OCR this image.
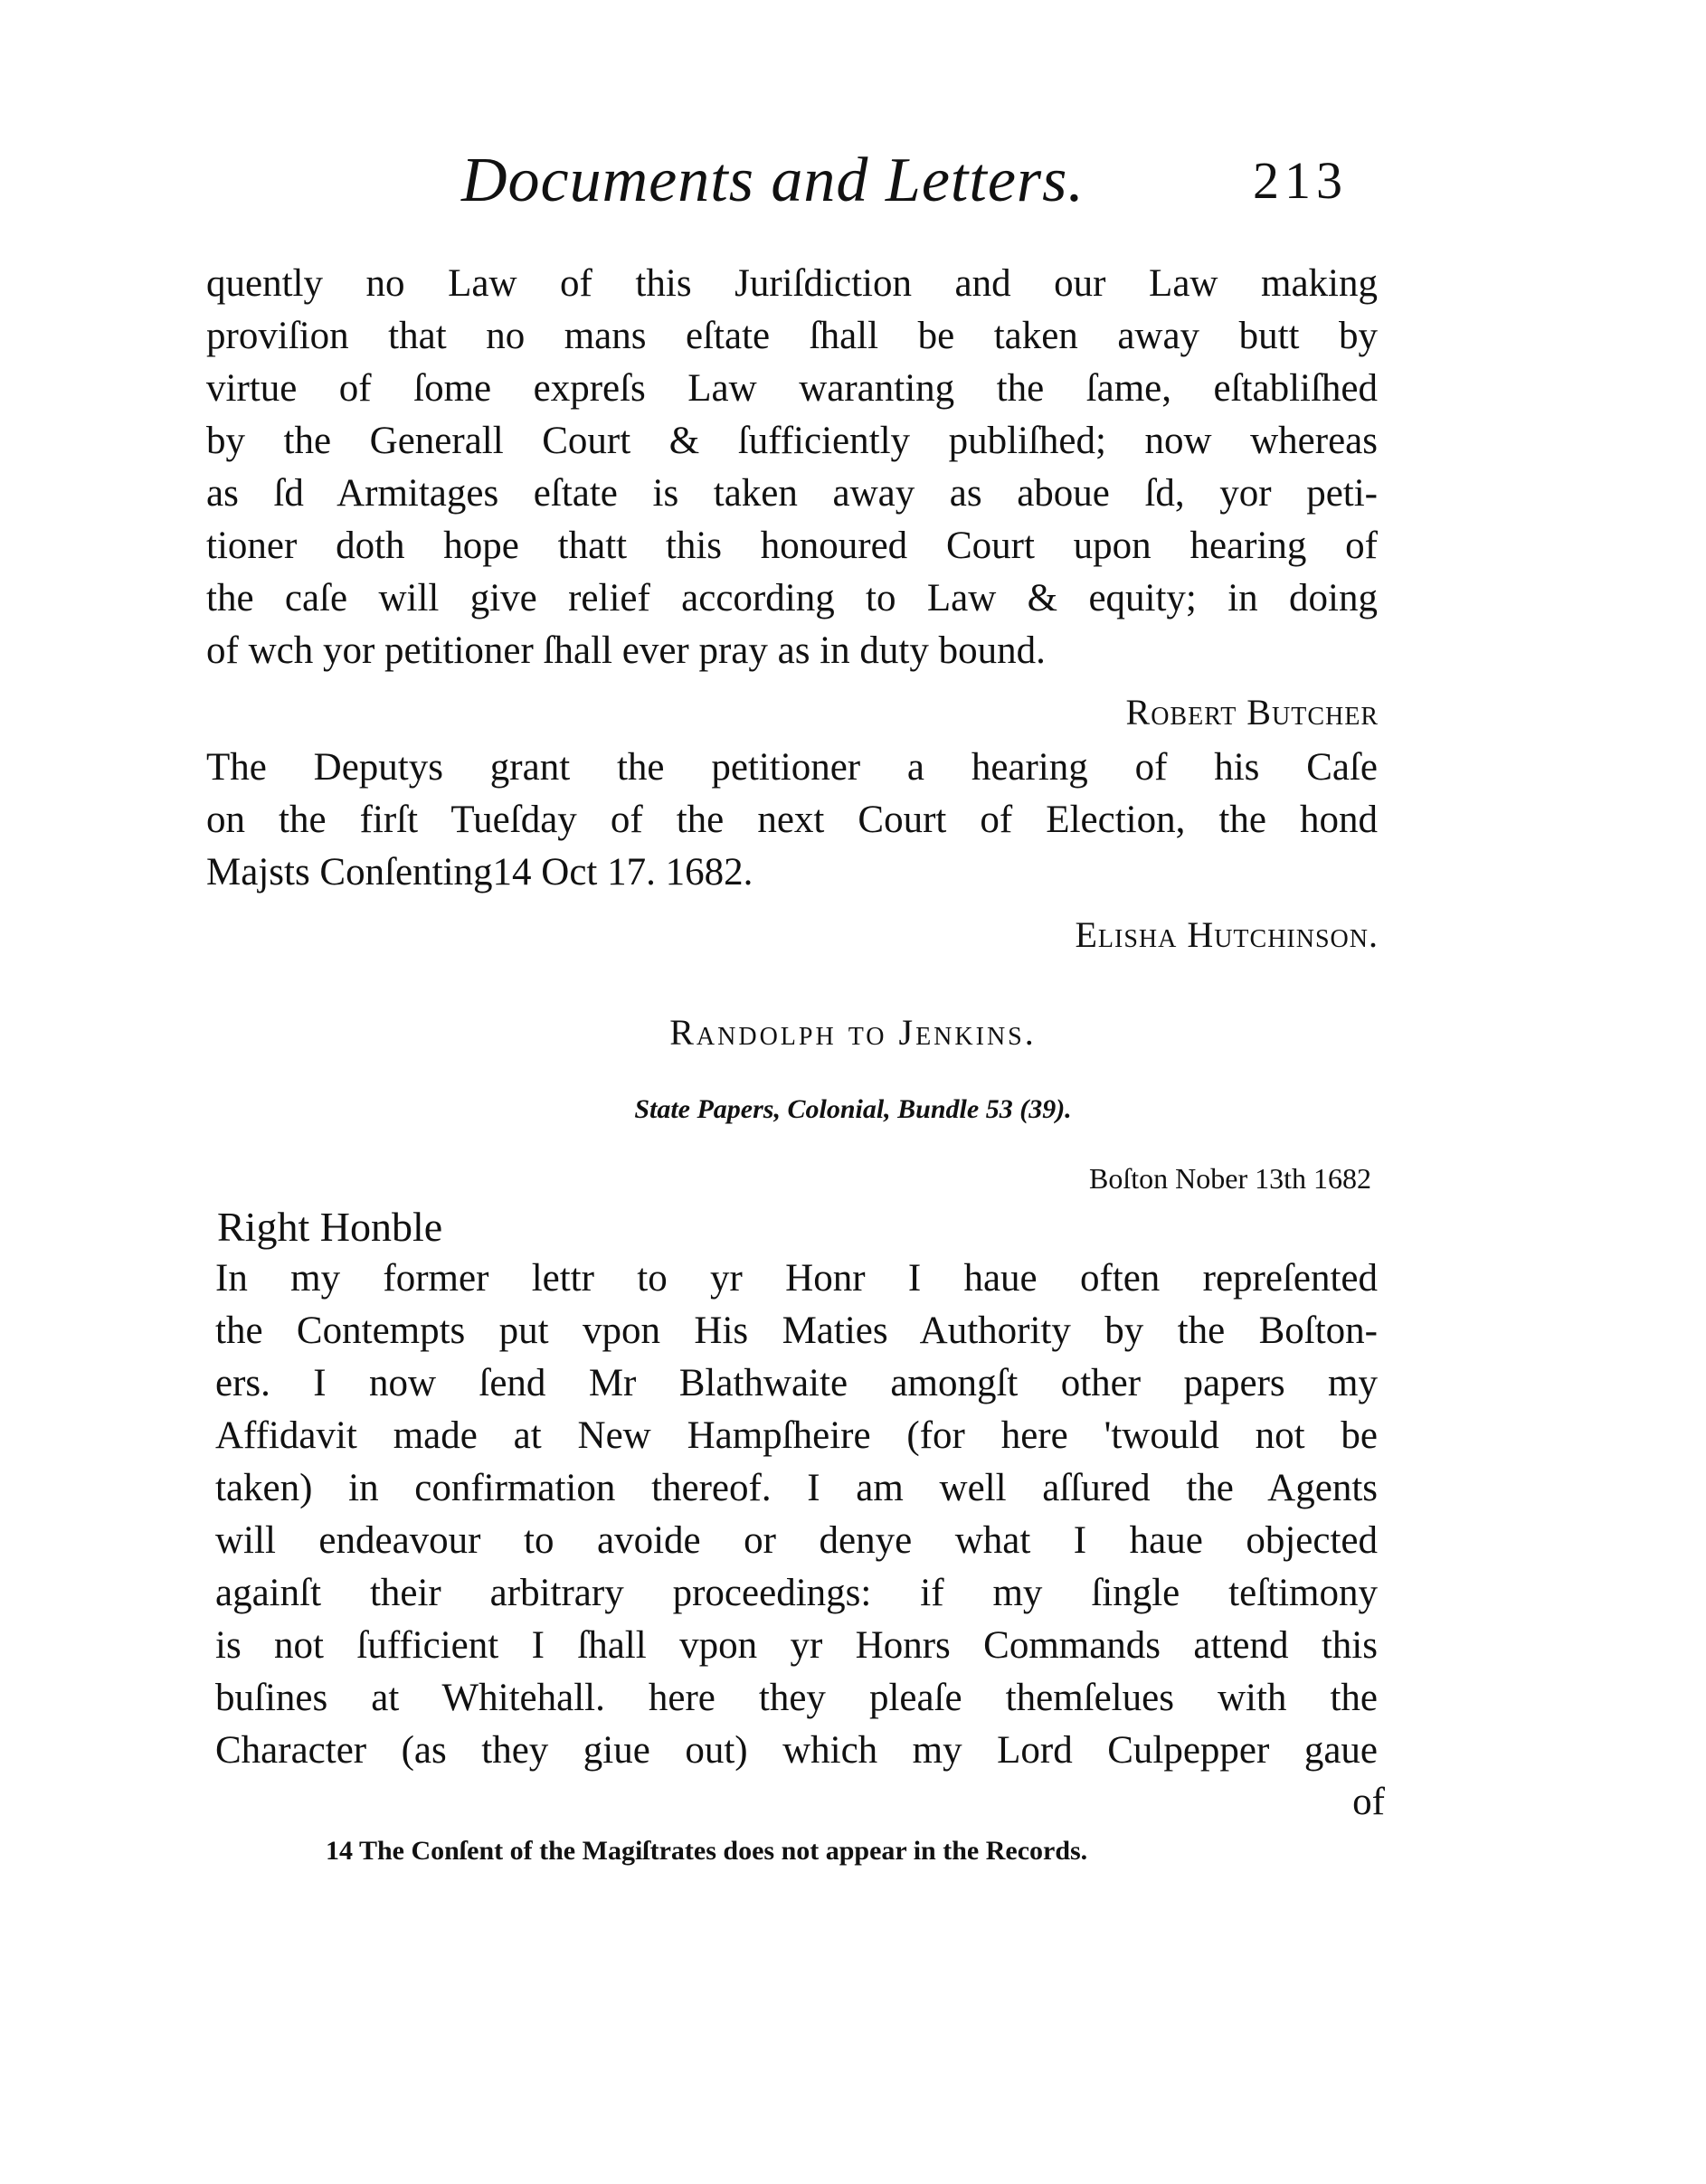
Documents and Letters.	213
quently no Law of this Juriſdiction and our Law making
proviſion that no mans eſtate ſhall be taken away butt by
virtue of ſome expreſs Law waranting the ſame, eſtabliſhed
by the Generall Court & ſufficiently publiſhed; now whereas
as ſd Armitages eſtate is taken away as aboue ſd, yor peti-
tioner doth hope thatt this honoured Court upon hearing of
the caſe will give relief according to Law & equity; in doing
of wch yor petitioner ſhall ever pray as in duty bound.
Robert Butcher
The Deputys grant the petitioner a hearing of his Caſe
on the firſt Tueſday of the next Court of Election, the hond
Majsts Conſenting14 Oct 17. 1682.
Elisha Hutchinson.
Randolph to Jenkins.
State Papers, Colonial, Bundle 53 (39).
Boſton Nober 13th 1682
Right Honble
In my former lettr to yr Honr I haue often repreſented
the Contempts put vpon His Maties Authority by the Boſton-
ers. I now ſend Mr Blathwaite amongſt other papers my
Affidavit made at New Hampſheire (for here 'twould not be
taken) in confirmation thereof. I am well aſſured the Agents
will endeavour to avoide or denye what I haue objected
againſt their arbitrary proceedings: if my ſingle teſtimony
is not ſufficient I ſhall vpon yr Honrs Commands attend this
buſines at Whitehall. here they pleaſe themſelues with the
Character (as they giue out) which my Lord Culpepper gaue
of
14 The Conſent of the Magiſtrates does not appear in the Records.
